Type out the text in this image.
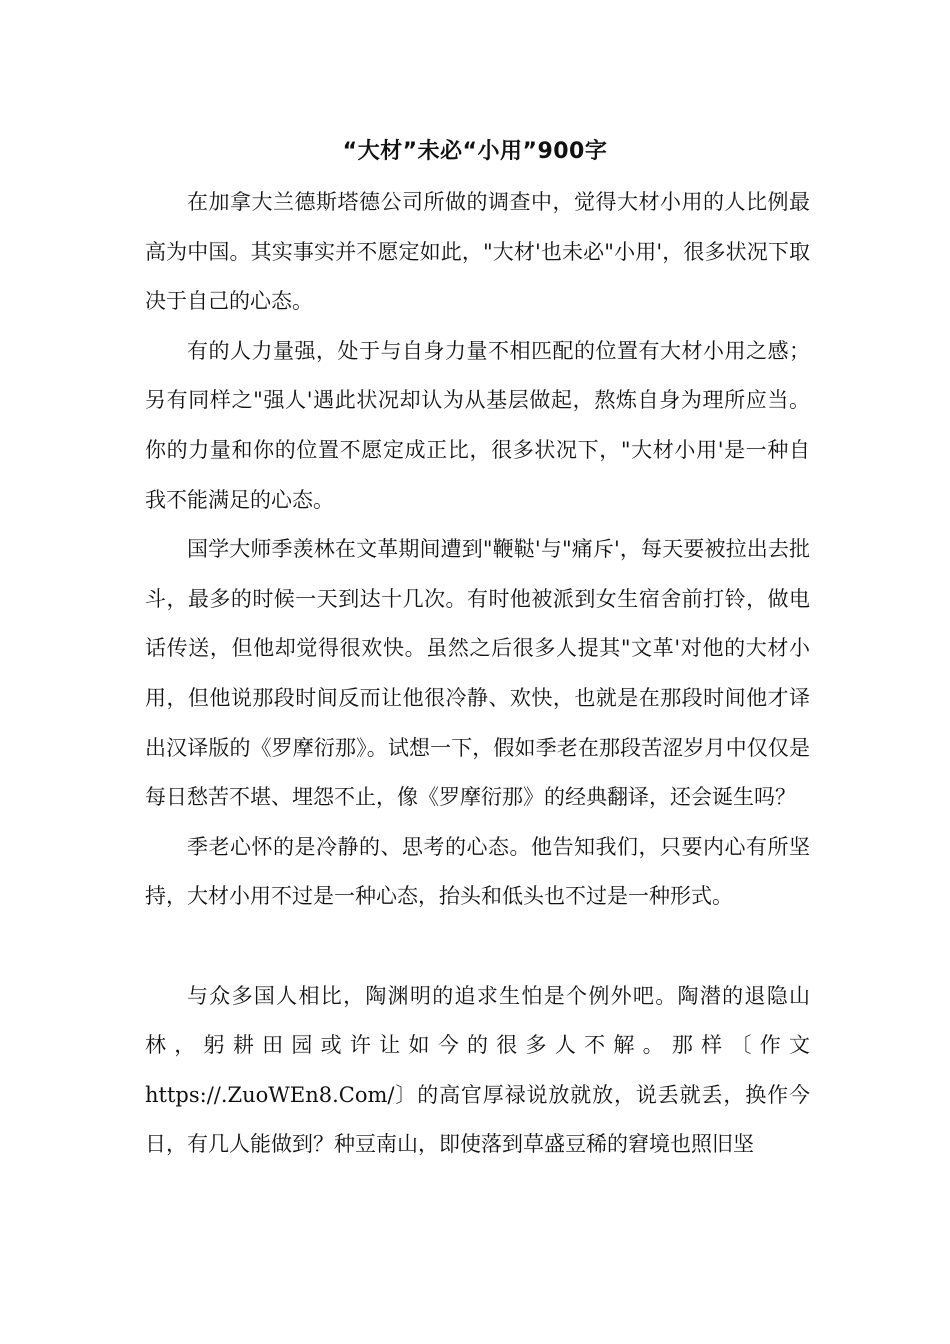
“大材”未必“小用”900字

在加拿大兰德斯塔德公司所做的调查中，觉得大材小用的人比例最高为中国。其实事实并不愿定如此，"大材'也未必"小用'，很多状况下取决于自己的心态。

有的人力量强，处于与自身力量不相匹配的位置有大材小用之感；另有同样之"强人'遇此状况却认为从基层做起，熬炼自身为理所应当。你的力量和你的位置不愿定成正比，很多状况下，"大材小用'是一种自我不能满足的心态。

国学大师季羡林在文革期间遭到"鞭鞑'与"痛斥'，每天要被拉出去批斗，最多的时候一天到达十几次。有时他被派到女生宿舍前打铃，做电话传送，但他却觉得很欢快。虽然之后很多人提其"文革'对他的大材小用，但他说那段时间反而让他很冷静、欢快，也就是在那段时间他才译出汉译版的《罗摩衍那》。试想一下，假如季老在那段苦涩岁月中仅仅是每日愁苦不堪、埋怨不止，像《罗摩衍那》的经典翻译，还会诞生吗？

季老心怀的是冷静的、思考的心态。他告知我们，只要内心有所坚持，大材小用不过是一种心态，抬头和低头也不过是一种形式。

与众多国人相比，陶渊明的追求生怕是个例外吧。陶潜的退隐山林，躬耕田园或许让如今的很多人不解。那样〔作文https://.ZuoWEn8.Com/〕的高官厚禄说放就放，说丢就丢，换作今日，有几人能做到？种豆南山，即使落到草盛豆稀的窘境也照旧坚
